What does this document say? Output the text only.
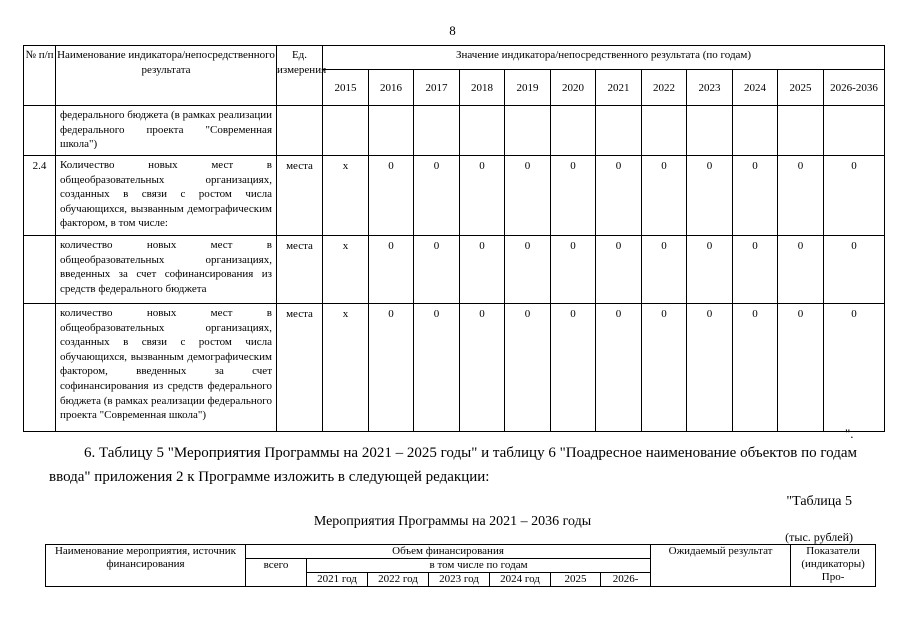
8
№ п/п	Наименование индикатора/непосредственного результата	Ед. измерения	Значение индикатора/непосредственного результата (по годам)											
			2015	2016	2017	2018	2019	2020	2021	2022	2023	2024	2025	2026-2036
	федерального бюджета (в рамках реализации федерального проекта "Современная школа")													
2.4	Количество новых мест в общеобразовательных организациях, созданных в связи с ростом числа обучающихся, вызванным демографическим фактором, в том числе:	места	x	0	0	0	0	0	0	0	0	0	0	0
	количество новых мест в общеобразовательных организациях, введенных за счет софинансирования из средств федерального бюджета	места	x	0	0	0	0	0	0	0	0	0	0	0
	количество новых мест в общеобразовательных организациях, созданных в связи с ростом числа обучающихся, вызванным демографическим фактором, введенных за счет софинансирования из средств федерального бюджета (в рамках реализации федерального проекта "Современная школа")	места	x	0	0	0	0	0	0	0	0	0	0	0
".
6. Таблицу 5 "Мероприятия Программы на 2021 – 2025 годы" и таблицу 6 "Поадресное наименование объектов по годам ввода" приложения 2 к Программе изложить в следующей редакции:
"Таблица 5
Мероприятия Программы на 2021 – 2036 годы
(тыс. рублей)
Наименование мероприятия, источник финансирования	Объем финансирования							Ожидаемый результат	Показатели (индикаторы) Про-
	всего	в том числе по годам							
		2021 год	2022 год	2023 год	2024 год	2025	2026-		
